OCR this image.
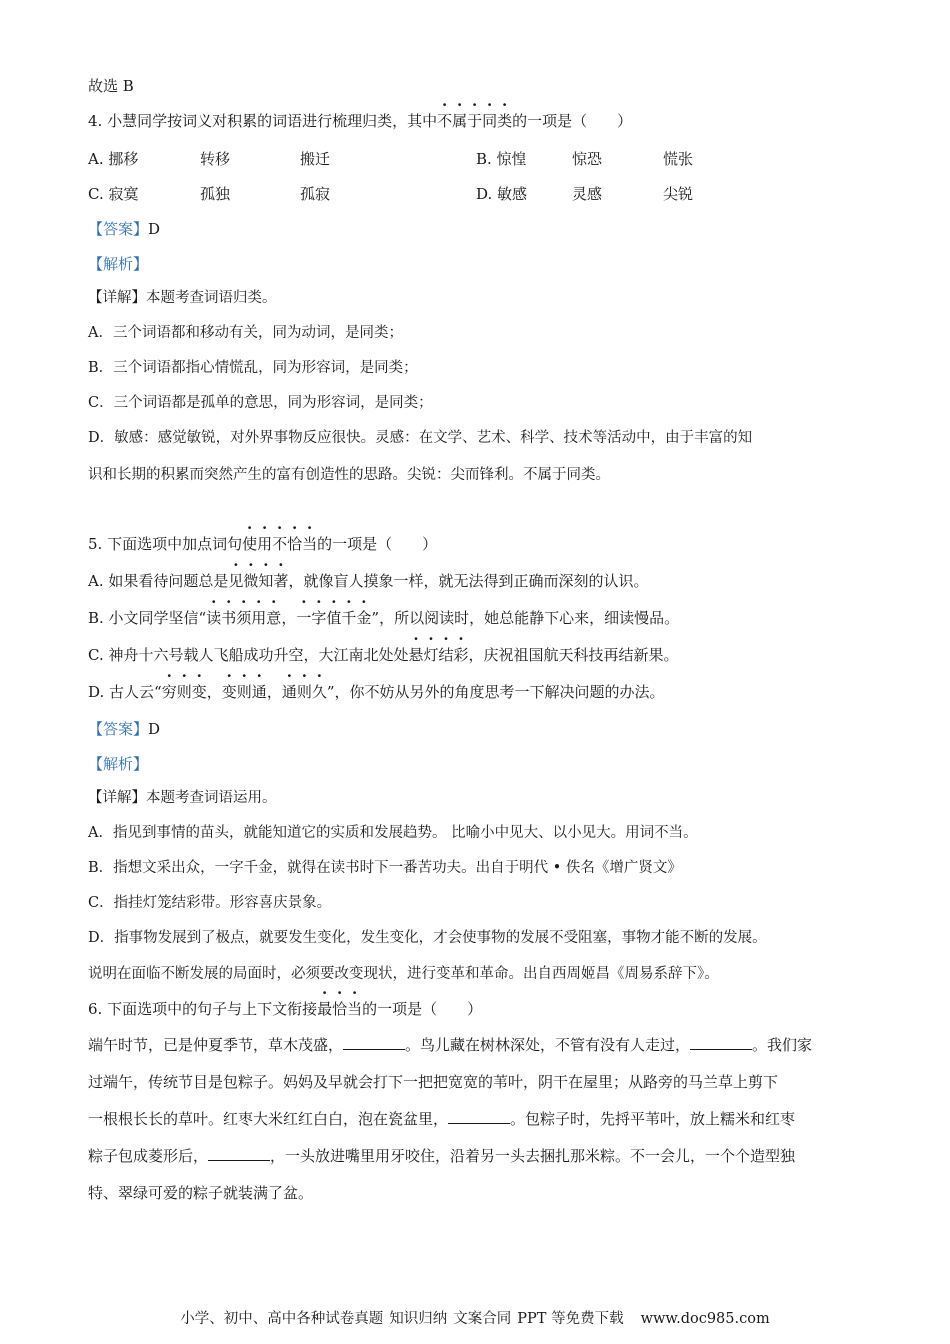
故选 B
4. 小慧同学按词义对积累的词语进行梳理归类，其中不属于同类的一项是（　　）
A. 挪移	转移	搬迁	B. 惊惶	惊恐	慌张
C. 寂寞	孤独	孤寂	D. 敏感	灵感	尖锐
【答案】D
【解析】
【详解】本题考查词语归类。
A．三个词语都和移动有关，同为动词，是同类；
B．三个词语都指心情慌乱，同为形容词，是同类；
C．三个词语都是孤单的意思，同为形容词，是同类；
D．敏感：感觉敏锐，对外界事物反应很快。灵感：在文学、艺术、科学、技术等活动中，由于丰富的知
识和长期的积累而突然产生的富有创造性的思路。尖锐：尖而锋利。不属于同类。
5. 下面选项中加点词句使用不恰当的一项是（　　）
A. 如果看待问题总是见微知著，就像盲人摸象一样，就无法得到正确而深刻的认识。
B. 小文同学坚信“读书须用意，一字值千金”，所以阅读时，她总能静下心来，细读慢品。
C. 神舟十六号载人飞船成功升空，大江南北处处悬灯结彩，庆祝祖国航天科技再结新果。
D. 古人云“穷则变，变则通，通则久”，你不妨从另外的角度思考一下解决问题的办法。
【答案】D
【解析】
【详解】本题考查词语运用。
A．指见到事情的苗头，就能知道它的实质和发展趋势。 比喻小中见大、以小见大。用词不当。
B．指想文采出众，一字千金，就得在读书时下一番苦功夫。出自于明代 • 佚名《增广贤文》
C．指挂灯笼结彩带。形容喜庆景象。
D．指事物发展到了极点，就要发生变化，发生变化，才会使事物的发展不受阻塞，事物才能不断的发展。
说明在面临不断发展的局面时，必须要改变现状，进行变革和革命。出自西周姬昌《周易系辞下》。
6. 下面选项中的句子与上下文衔接最恰当的一项是（　　）
端午时节，已是仲夏季节，草木茂盛，	。鸟儿藏在树林深处，不管有没有人走过，	。我们家
过端午，传统节目是包粽子。妈妈及早就会打下一把把宽宽的苇叶，阴干在屋里；从路旁的马兰草上剪下
一根根长长的草叶。红枣大米红红白白，泡在瓷盆里，	。包粽子时，先捋平苇叶，放上糯米和红枣
粽子包成菱形后，	，一头放进嘴里用牙咬住，沿着另一头去捆扎那米粽。不一会儿，一个个造型独
特、翠绿可爱的粽子就装满了盆。
小学、初中、高中各种试卷真题 知识归纳 文案合同 PPT 等免费下载 www.doc985.com
